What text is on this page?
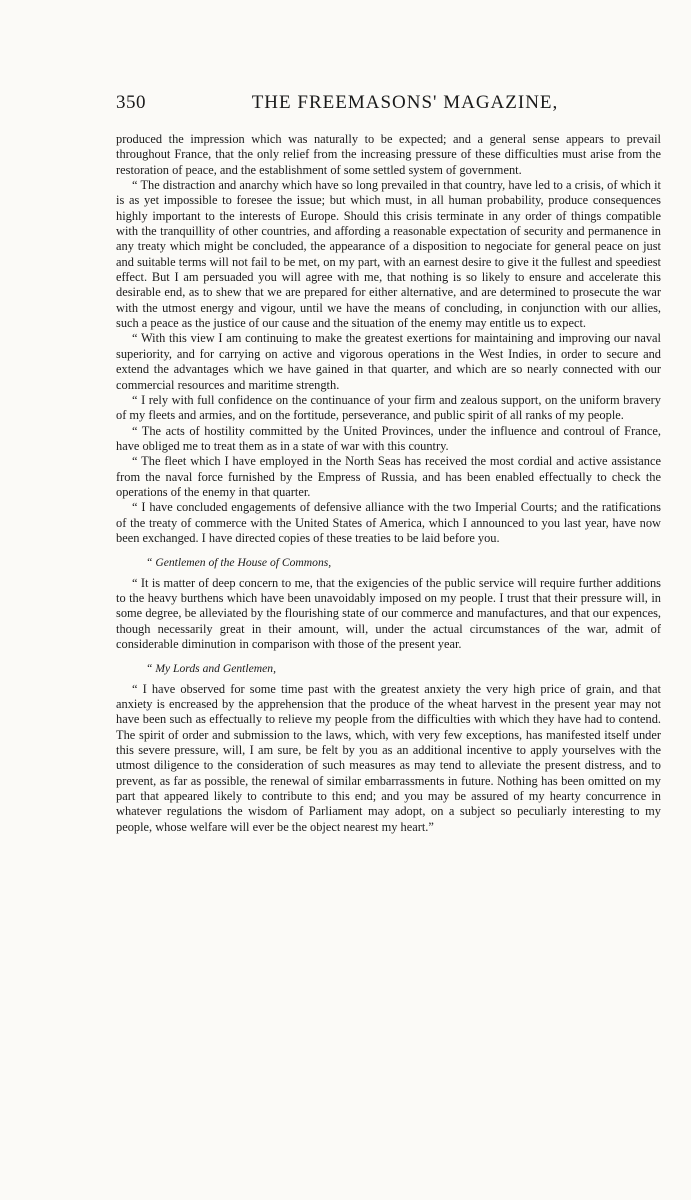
350	THE FREEMASONS' MAGAZINE,

produced the impression which was naturally to be expected; and a general sense appears to prevail throughout France, that the only relief from the increasing pressure of these difficulties must arise from the restoration of peace, and the establishment of some settled system of government.

“ The distraction and anarchy which have so long prevailed in that country, have led to a crisis, of which it is as yet impossible to foresee the issue; but which must, in all human probability, produce consequences highly important to the interests of Europe. Should this crisis terminate in any order of things compatible with the tranquillity of other countries, and affording a reasonable expectation of security and permanence in any treaty which might be concluded, the appearance of a disposition to negociate for general peace on just and suitable terms will not fail to be met, on my part, with an earnest desire to give it the fullest and speediest effect. But I am persuaded you will agree with me, that nothing is so likely to ensure and accelerate this desirable end, as to shew that we are prepared for either alternative, and are determined to prosecute the war with the utmost energy and vigour, until we have the means of concluding, in conjunction with our allies, such a peace as the justice of our cause and the situation of the enemy may entitle us to expect.

“ With this view I am continuing to make the greatest exertions for maintaining and improving our naval superiority, and for carrying on active and vigorous operations in the West Indies, in order to secure and extend the advantages which we have gained in that quarter, and which are so nearly connected with our commercial resources and maritime strength.

“ I rely with full confidence on the continuance of your firm and zealous support, on the uniform bravery of my fleets and armies, and on the fortitude, perseverance, and public spirit of all ranks of my people.

“ The acts of hostility committed by the United Provinces, under the influence and controul of France, have obliged me to treat them as in a state of war with this country.

“ The fleet which I have employed in the North Seas has received the most cordial and active assistance from the naval force furnished by the Empress of Russia, and has been enabled effectually to check the operations of the enemy in that quarter.

“ I have concluded engagements of defensive alliance with the two Imperial Courts; and the ratifications of the treaty of commerce with the United States of America, which I announced to you last year, have now been exchanged. I have directed copies of these treaties to be laid before you.

“ Gentlemen of the House of Commons,

“ It is matter of deep concern to me, that the exigencies of the public service will require further additions to the heavy burthens which have been unavoidably imposed on my people. I trust that their pressure will, in some degree, be alleviated by the flourishing state of our commerce and manufactures, and that our expences, though necessarily great in their amount, will, under the actual circumstances of the war, admit of considerable diminution in comparison with those of the present year.

“ My Lords and Gentlemen,

“ I have observed for some time past with the greatest anxiety the very high price of grain, and that anxiety is encreased by the apprehension that the produce of the wheat harvest in the present year may not have been such as effectually to relieve my people from the difficulties with which they have had to contend. The spirit of order and submission to the laws, which, with very few exceptions, has manifested itself under this severe pressure, will, I am sure, be felt by you as an additional incentive to apply yourselves with the utmost diligence to the consideration of such measures as may tend to alleviate the present distress, and to prevent, as far as possible, the renewal of similar embarrassments in future. Nothing has been omitted on my part that appeared likely to contribute to this end; and you may be assured of my hearty concurrence in whatever regulations the wisdom of Parliament may adopt, on a subject so peculiarly interesting to my people, whose welfare will ever be the object nearest my heart.”
